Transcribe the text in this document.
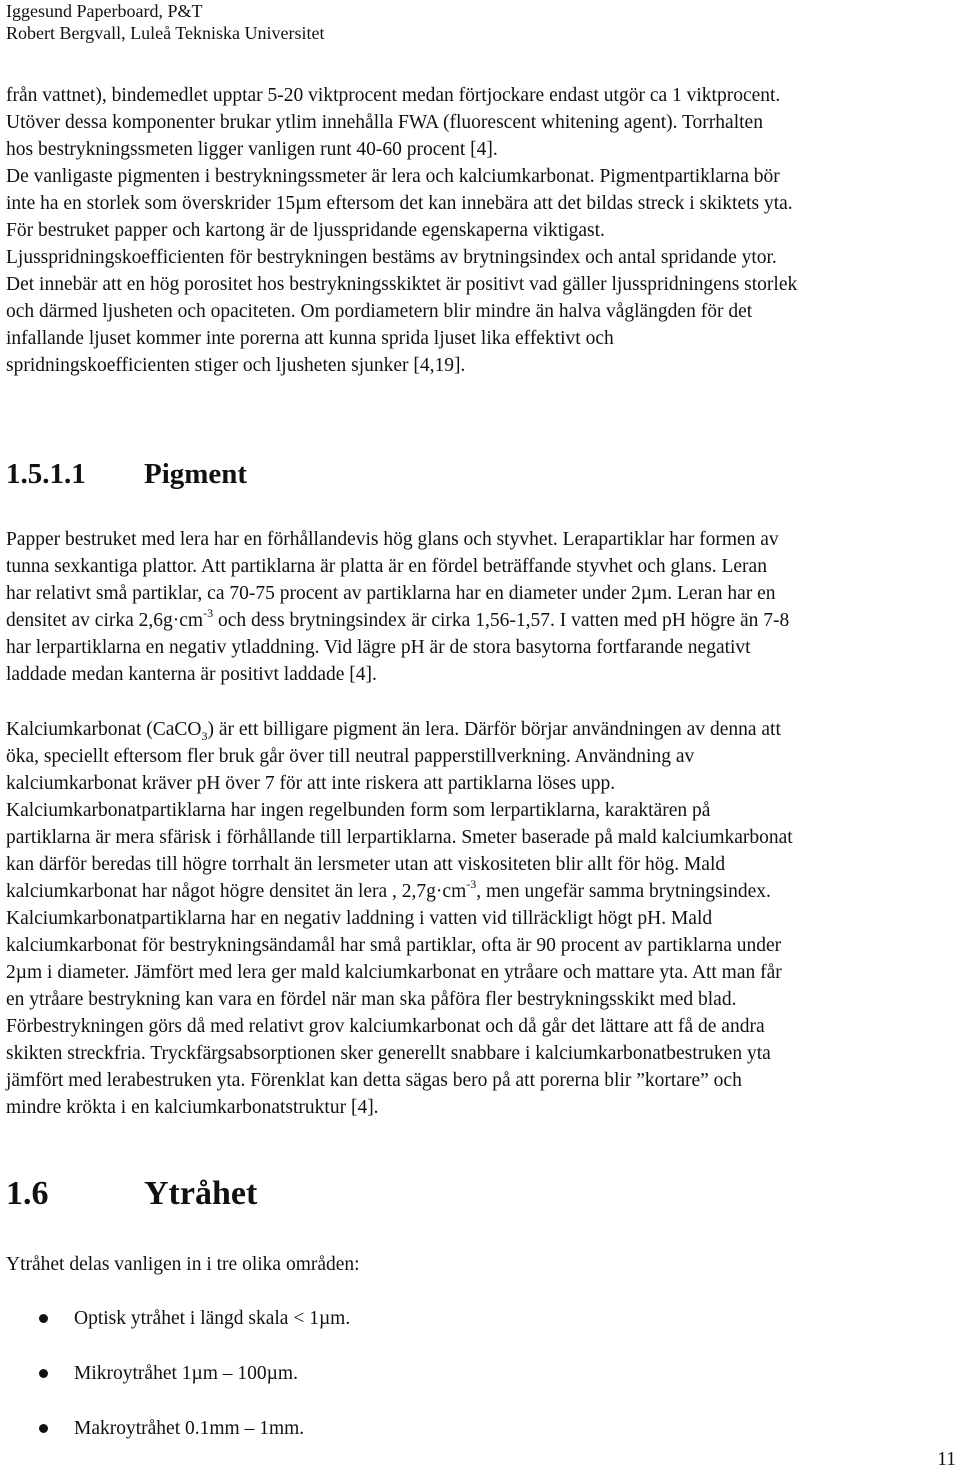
Iggesund Paperboard, P&T
Robert Bergvall, Luleå Tekniska Universitet
från vattnet), bindemedlet upptar 5-20 viktprocent medan förtjockare endast utgör ca 1 viktprocent.
Utöver dessa komponenter brukar ytlim innehålla FWA (fluorescent whitening agent). Torrhalten
hos bestrykningssmeten ligger vanligen runt 40-60 procent [4].
De vanligaste pigmenten i bestrykningssmeter är lera och kalciumkarbonat. Pigmentpartiklarna bör
inte ha en storlek som överskrider 15µm eftersom det kan innebära att det bildas streck i skiktets yta.
För bestruket papper och kartong är de ljusspridande egenskaperna viktigast.
Ljusspridningskoefficienten för bestrykningen bestäms av brytningsindex och antal spridande ytor.
Det innebär att en hög porositet hos bestrykningsskiktet är positivt vad gäller ljusspridningens storlek
och därmed ljusheten och opaciteten. Om pordiametern blir mindre än halva våglängden för det
infallande ljuset kommer inte porerna att kunna sprida ljuset lika effektivt och
spridningskoefficienten stiger och ljusheten sjunker [4,19].
1.5.1.1 Pigment
Papper bestruket med lera har en förhållandevis hög glans och styvhet. Lerapartiklar har formen av
tunna sexkantiga plattor. Att partiklarna är platta är en fördel beträffande styvhet och glans. Leran
har relativt små partiklar, ca 70-75 procent av partiklarna har en diameter under 2µm. Leran har en
densitet av cirka $2,6g\cdot cm^{-3}$ och dess brytningsindex är cirka 1,56-1,57. I vatten med pH högre än 7-8
har lerpartiklarna en negativ ytladdning. Vid lägre pH är de stora basytorna fortfarande negativt
laddade medan kanterna är positivt laddade [4].
Kalciumkarbonat (CaCO$_3$) är ett billigare pigment än lera. Därför börjar användningen av denna att
öka, speciellt eftersom fler bruk går över till neutral papperstillverkning. Användning av
kalciumkarbonat kräver pH över 7 för att inte riskera att partiklarna löses upp.
Kalciumkarbonatpartiklarna har ingen regelbunden form som lerpartiklarna, karaktären på
partiklarna är mera sfärisk i förhållande till lerpartiklarna. Smeter baserade på mald kalciumkarbonat
kan därför beredas till högre torrhalt än lersmeter utan att viskositeten blir allt för hög. Mald
kalciumkarbonat har något högre densitet än lera , $2,7g\cdot cm^{-3}$, men ungefär samma brytningsindex.
Kalciumkarbonatpartiklarna har en negativ laddning i vatten vid tillräckligt högt pH. Mald
kalciumkarbonat för bestrykningsändamål har små partiklar, ofta är 90 procent av partiklarna under
2µm i diameter. Jämfört med lera ger mald kalciumkarbonat en ytråare och mattare yta. Att man får
en ytråare bestrykning kan vara en fördel när man ska påföra fler bestrykningsskikt med blad.
Förbestrykningen görs då med relativt grov kalciumkarbonat och då går det lättare att få de andra
skikten streckfria. Tryckfärgsabsorptionen sker generellt snabbare i kalciumkarbonatbestruken yta
jämfört med lerabestruken yta. Förenklat kan detta sägas bero på att porerna blir ”kortare” och
mindre krökta i en kalciumkarbonatstruktur [4].
1.6	Ytråhet
Ytråhet delas vanligen in i tre olika områden:
Optisk ytråhet i längd skala < 1µm.
Mikroytråhet 1µm – 100µm.
Makroytråhet 0.1mm – 1mm.
11
